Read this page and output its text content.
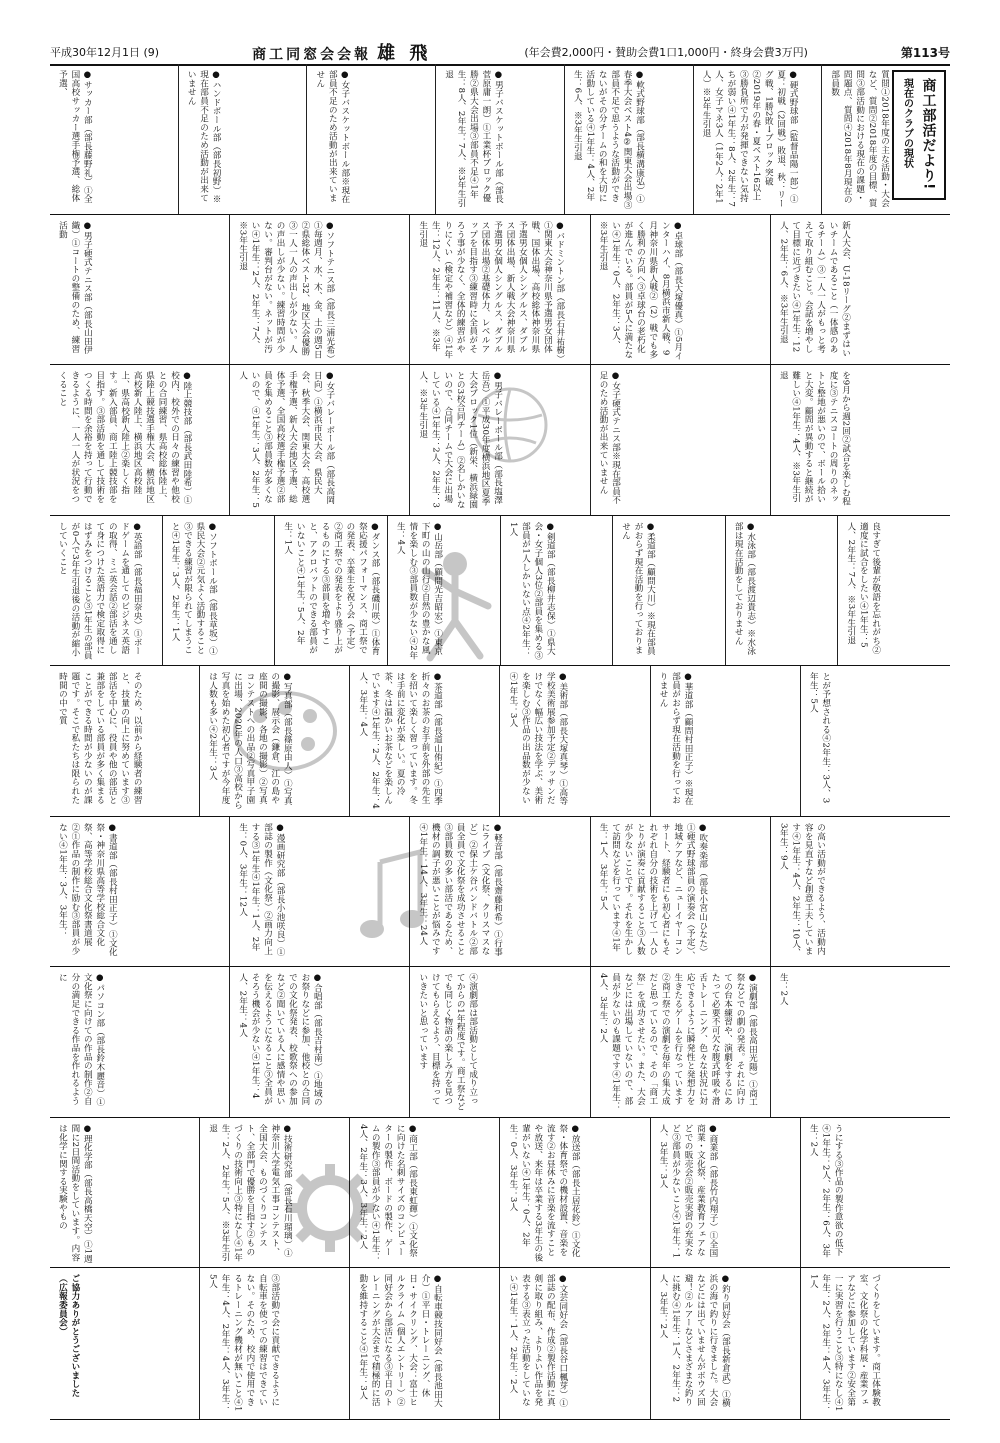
平成30年12月1日 (9)	商工同窓会会報 雄 飛	(年会費2,000円・賛助会費1口1,000円・終身会費3万円)	第113号
商工部活だより!
現在のクラブの現状
質問①2018年度の主な活動・大会など、質問②2018年度の目標、質問③部活動における現在の課題・問題点、質問④2018年8月現在の部員数
●硬式野球部（監督品陽一郎）①夏：初戦（2回戦）敗退、秋：リーグ戦、1勝2敗→ブロック突破②2019年の春・夏ベスト16以上③勝負所で力が発揮できない気持ちが弱い④1年生：8人、2年生：7人、女子マネ3人（1年2人：2年1人）※3年生引退
●軟式野球部（部長横溝康弘）①春季大会ベスト4②関東大会出場③部員不足で思うような活動ができないがその分チームの和を大切に活動している④1年生：4人、2年生：6人、※3年生引退
●男子バスケットボール部（部長菅原庸一朗）①工業杯ブロック優勝②県大会出場③部員不足④1年生：8人、2年生：7人、※3年生引退
●女子バスケットボール部※現在部員不足のため活動が出来ていません
●ハンドボール部（部長初野）※現在部員不足のため活動が出来ていません
●サッカー部（部長藤野礼）①全国高校サッカー選手権予選、総体予選、
新人大会、U-18リーグ②まずはいいチームであること（一体感のあるチーム）③一人一人がもっと考えて取り組むこと。会話を増やして目標に近づきたい④1年生：12人、2年生：6人、※3年生引退
●卓球部（部長大塚優真）①5月インターハイ、8月横浜市新人戦、9月神奈川県新人戦②（2）戦でも多く勝利の方向へ③卓球台の老朽化が進んでいる。部員が5人に満たない④1年生：0人、2年生：3人、※3年生引退
●バドミントン部（部長石井祐樹）①関東大会神奈川県予選男女団体戦、国体出場、高校総体神奈川県予選男女個人シングルス、ダブルス団体出場、新人戦大会神奈川県予選男女個人シングルス、ダブルス団体出場②基礎体力、レベルアップを目指す③練習時に全員がそろう事が少なく、全体的練習がやりにくい（検定や補習など）④1年生：12人、2年生：11人、※3年生引退
●ソフトテニス部（部長三浦光希）①毎週月、水、木、金、土の週5日②県総体ベスト32、地区大会優勝③一人一人の声出しが少ない。人の声出しが少ない。練習時間が少ない。審判台がない。ネットが汚い④1年生：2人、2年生：7人、※3年生引退
●男子硬式テニス部（部長山田伊織）①コートの整備のため、練習活動
を9月から週2回②試合を楽しむ程度に③テニスコートの周りのネットと整地が悪いので、ボール拾いと大変。顧問が異動すると継続が難しい④1年生：4人、※3年生引退
●女子硬式テニス部※現在部員不足のため活動が出来ていません
●男子バレーボール部（部長塩澤岳吾）①平成30年度横浜地区夏季大会ブロック1位（新栄、横浜緑園との3校合同チーム）②名しかいないので、合同チームで大会に出場している④1年生：2人、2年生：3人、※3年生引退
●女子バレーボール部（部長高岡日向）①横浜市民大会、県民大会、秋季大会、関東大会、高校選手権予選、新人大会地区予選、総体予選、全国高校選手権予選②部員を集めること③部員数が多くないので、④1年生：3人、2年生：5人
●陸上競技部（部長武田陸希）①校内、校外での日々の練習や他校との合同練習、県高校総体陸上、県陸上競技選手権大会、横浜地区高校新人陸上、横浜地区高校陸上、県高校新人陸上②楽しく指す。新入部員、商工陸上競技部を目指す。③部活動を通して技術をつくる時間を余裕を持って行動できるように、一人一人が状況をつくること
良すぎて後輩が敬語を忘れがち②適度に試合をしたい④1年生：5人、2年生：7人、※3年生引退
●水泳部（部長渡辺貴志）※水泳部は現在活動をしておりません
●柔道部（顧問大川）※現在部員がおらず現在活動を行っておりません
●剣道部（部長柳井志保）①県大会・女子個人3位②部員を集める③部員が1人しかいない点④2年生：1人
●山岳部（顧問光吉昭宏）①東京下町の山の山行②自然の豊かな風情を楽しむ③部員数が少ない④2年生：4人
●ダンス部（部長磯川咲）①体育祭応援パフォーマンス、商工祭での発表、卒業生を祝う会（予定）②商工祭での発表をより盛り上がるものにする③部員を増やすこと、アクロバットのできる部員がいないこと④1年生：5人、2年生：1人
●ソフトボール部（部長草坂）①県民大会②元気よく活動すること③できる練習が限られてしまうこと④1年生：3人、2年生：1人
●英語部（部長福田奈央）①ボードゲームを通してのビジネス英語の取得、ミニ英会話②部活を通して身につけた英語力で検定取得にはずみをつけること③1年生の部員が0人で3年生引退後の活動が縮小していくこと
とが予想される④2年生：3人、3年生：5人
●華道部（顧問村田正子）※現在部員がおらず現在活動を行っておりません
●美術部（部長大塚真琴）①高等学校美術展参加予定②デッサンだけでなく幅広い技法を学ぶ、美術を楽しむ③作品の出品数が少ない④1年生：3人
●茶道部（部長道山侑紀）①四季折々のお茶のお手前を外部の先生を招いて楽しく習っています。冬は手前に変化が楽しい。夏の冷茶、冬は温かいお茶などを楽しんでいます④1年生：2人、2年生：4人、3年生：4人
●写真部（部長篠原由人）①写真の撮影、展示会（鎌倉、江の島や座間の撮影、各地の撮影）②写真コンテストへの出品②写真甲子園に出場、2020年の人口③高校から写真を始めた初心者ですが今年度は人数も多い④2年生：3人
そのため、以前から経験者の練習と、技量の向上に努めています③部活を中心に、役員や他の部活と兼部をしている部員が多く集まることができる時間が少ないのが課題です。そこで私たちは限られた時間の中で質
の高い活動ができるよう、活動内容を見直すなど創意工夫しています④1年生：4人、2年生：10人、3年生：9人
●吹奏楽部（部長小宮山ひなた）①硬式野球部員の演奏会（予定）、地域ケアなど、ニューイヤーコンサート、経験者にも初心者にもそれぞれ自分の技術を上げて一人ひとりが演奏に貢献すること③人数が少ないことです。それを生かして訪問などを行っています④1年生：1人、3年生：5人
●軽音部（部長齋藤和希）①行事にライブ（文化祭、クリスマスなど）②保土ケ谷バンドバトル②部員全員で文化祭を成功させること③部員数の多い部活であるため、機材の調子が悪いことが悩みです④1年生：14人、3年生：24人
●漫画研究部（部長小池咲良）①部誌の製作（文化祭）②画力向上する③1年生④1年生：1人、2年生：0人、3年生：12人
●書道部（部長村田正子）①文化祭・神奈川県高等学校総合文化祭、高等学校総合文化祭書道展②①作品の制作に励む③部員が少ない④1年生：3人、3年生：
生：2人
●演劇部（部長高田光陽）①商工祭などでの劇の発表。それに向けての台本練習や、演劇をするにあたって必要不可欠な腹式呼吸や滑舌トレーニング、色々な状況に対応できるように瞬発性と発想力を生きたるゲームを行なっています②商工祭での演劇を毎年の集大成だと思っているので、その「商工祭」を成功させたい。また、大会などには出場していないので、部員が少ないのも課題です④1年生：4人、3年生：2人
④演劇部は部活動として成り立ってからの1年程度です。商工祭などでも同じく物語の楽しみ方を見つけてもらえるよう、目標を持っていきたいと思っています
●合唱部（部長吉村南）①地域のお祭りなどに参加、他校との合同での文化祭発表、校歌祭への参加など②聞いている人に感情や思いを伝えるようになること③全員がそろう機会が少ない④1年生：4人、2年生：4人
●パソコン部（部長鈴木麗音）①文化祭に向けての作品の制作②自分の満足できる作品を作れるように
うにする③作品の製作意欲の低下④1年生：2人、2年生：6人、3年生：2人
●商業部（部長竹内翔子）①全国商業・文化祭、産業教育フェアなどでの販売会②販売実習の充実など③部員が少ないこと④1年生：1人、3年生：3人
●放送部（部長土居花鈴）①文化祭・体育祭での機材設置、音楽を流す②お昼休みに音楽を流すことや放送、来年は卒業する3年生の後輩がいない④1年生：0人、2年生：0人、3年生：3人
●商工部（部長東虹輝）①文化祭に向けた名刺サイズのコンピューターの製作、ボードの製作、ゲームの製作③部員が少ない④1年生：4人、2年生：3人、3年生：2人
●技術研究部（部長石川瑠璃）①神奈川大学電気工事コンテスト、全国大会、ものづくりコンテスト、全部門で優勝を目指す②ものづくりの技術向上③特になし④1年生：2人、2年生：5人、※3年生引退
●理化学部（部長高橋天空）①1週間に2日間活動をしています。内容は化学に関する実験やもの
づくりをしています。商工体験教室、文化祭の化学科展・産業フェアなどに参加しています②安全第一に実習を行うこと③特になし④1年生：2人、2年生：4人、3年生：1人
●釣り同好会（部長新倉武）①横浜の海で釣りに行きました。大会などには出ていませんがボウズ回避！②ルアーなどさまざまな釣りに挑む④1年生：1人、2年生：2人、3年生：2人
●文芸同好会（部長谷口楓芽）①部誌の配布、作成②製作活動に真剣に取り組み、よりよい作品を発表する③表立った活動をしていない④1年生：1人、2年生：2人
●自転車競技同好会（部長池田大介）①平日・トレーニング、休日・サイクリング、大会：富士ヒルクライム（個人エントリー）②同好会から部活になる③平日のトレーニングが大会まで積極的に活動を維持すること④1年生：3人
③部活動で会に貢献できるように自転車を使っての練習はできていない。そのため、校内で使用できるトレーニング機材が無いこと④1年生：4人、2年生：4人、3年生：5人
ご協力ありがとうございました（広報委員会）
